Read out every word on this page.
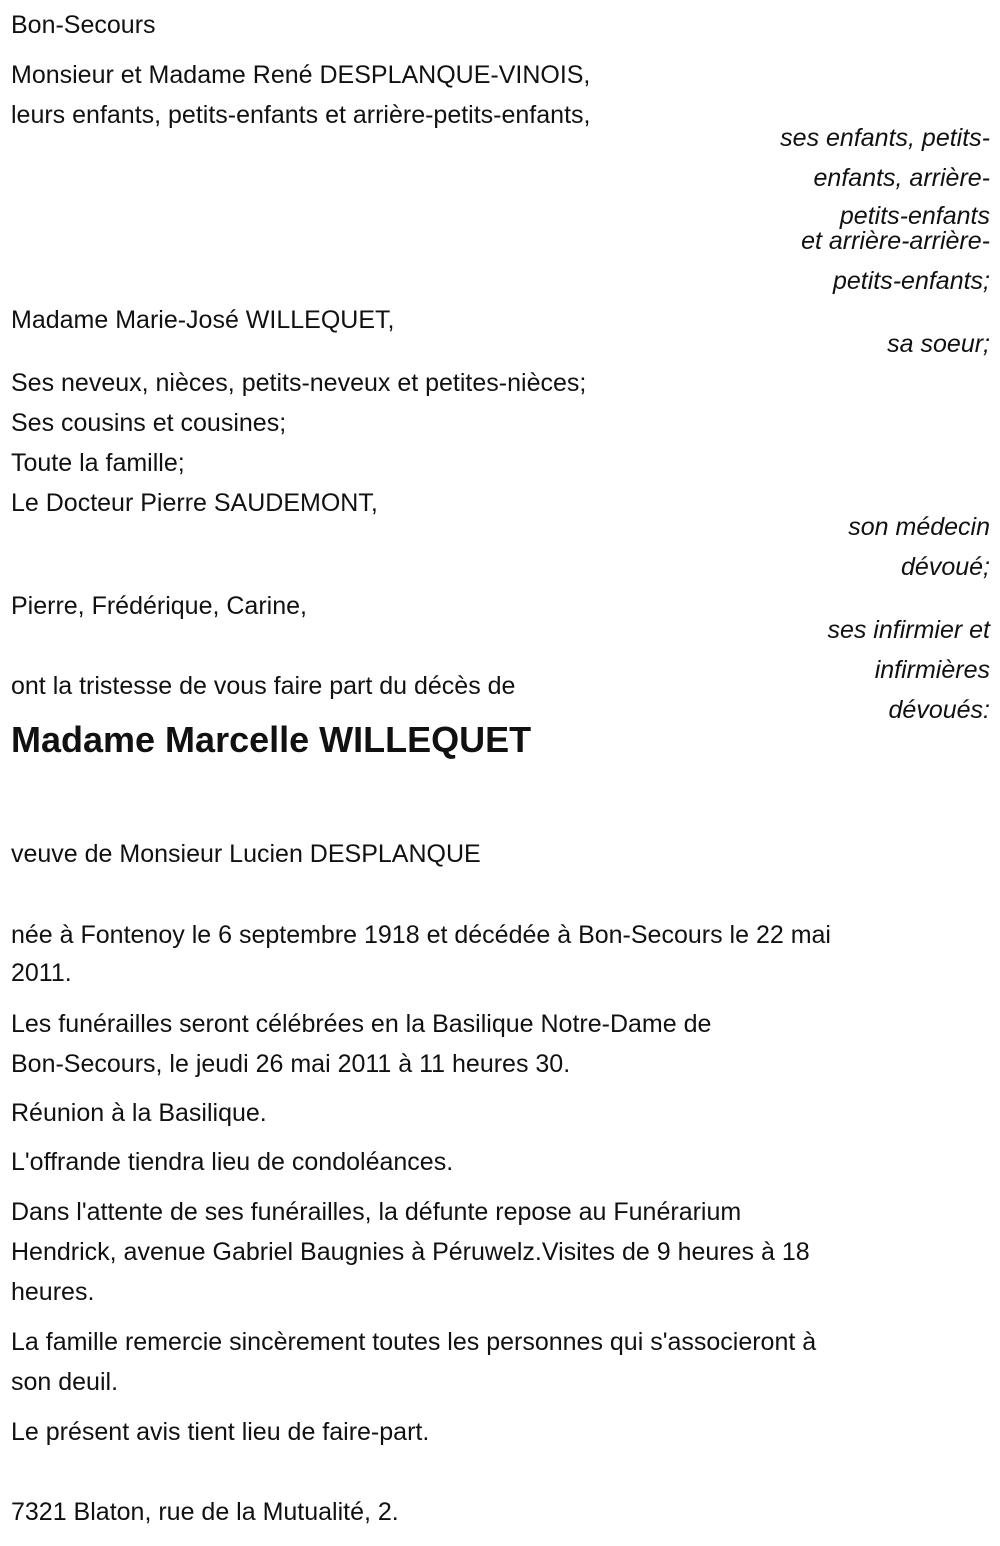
Bon-Secours
Monsieur et Madame René DESPLANQUE-VINOIS,
leurs enfants, petits-enfants et arrière-petits-enfants,
ses enfants, petits-
enfants, arrière-
petits-enfants
et arrière-arrière-
petits-enfants;
Madame Marie-José WILLEQUET,
sa soeur;
Ses neveux, nièces, petits-neveux et petites-nièces;
Ses cousins et cousines;
Toute la famille;
Le Docteur Pierre SAUDEMONT,
son médecin
dévoué;
Pierre, Frédérique, Carine,
ses infirmier et
infirmières
dévoués:
ont la tristesse de vous faire part du décès de
Madame Marcelle WILLEQUET
veuve de Monsieur Lucien DESPLANQUE
née à Fontenoy le 6 septembre 1918 et décédée à Bon-Secours le 22 mai
2011.
Les funérailles seront célébrées en la Basilique Notre-Dame de
Bon-Secours, le jeudi 26 mai 2011 à 11 heures 30.
Réunion à la Basilique.
L'offrande tiendra lieu de condoléances.
Dans l'attente de ses funérailles, la défunte repose au Funérarium
Hendrick, avenue Gabriel Baugnies à Péruwelz.Visites de 9 heures à 18
heures.
La famille remercie sincèrement toutes les personnes qui s'associeront à
son deuil.
Le présent avis tient lieu de faire-part.
7321 Blaton, rue de la Mutualité, 2.
